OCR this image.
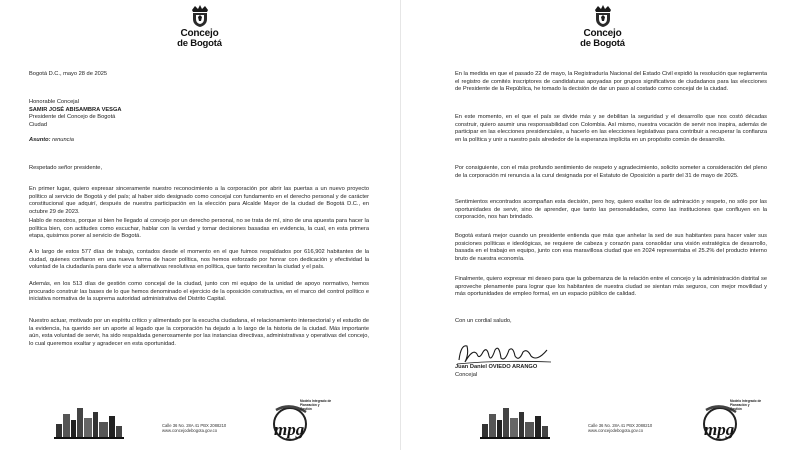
Concejo
de Bogotá
Bogotá D.C., mayo 28 de 2025

Honorable Concejal

SAMIR JOSÉ ABISAMBRA VESGA

Presidente del Concejo de Bogotá

Ciudad

Asunto: renuncia
Respetado señor presidente,

En primer lugar, quiero expresar sinceramente nuestro reconocimiento a la corporación por abrir las puertas a un nuevo proyecto político al servicio de Bogotá y del país; al haber sido designado como concejal con fundamento en el derecho personal y de carácter constitucional que adquirí, después de nuestra participación en la elección para Alcalde Mayor de la ciudad de Bogotá D.C., en octubre 29 de 2023.

Hablo de nosotros, porque si bien he llegado al concejo por un derecho personal, no se trata de mí, sino de una apuesta para hacer la política bien, con actitudes como escuchar, hablar con la verdad y tomar decisiones basadas en evidencia, la cual, en esta primera etapa, quisimos poner al servicio de Bogotá.

A lo largo de estos 577 días de trabajo, contados desde el momento en el que fuimos respaldados por 616,902 habitantes de la ciudad, quienes confiaron en una nueva forma de hacer política, nos hemos esforzado por honrar con dedicación y efectividad la voluntad de la ciudadanía para darle voz a alternativas resolutivas en política, que tanto necesitan la ciudad y el país.

Además, en los 513 días de gestión como concejal de la ciudad, junto con mi equipo de la unidad de apoyo normativo, hemos procurado construir las bases de lo que hemos denominado el ejercicio de la oposición constructiva, en el marco del control político e iniciativa normativa de la suprema autoridad administrativa del Distrito Capital.

Nuestro actuar, motivado por un espíritu crítico y alimentado por la escucha ciudadana, el relacionamiento intersectorial y el estudio de la evidencia, ha querido ser un aporte al legado que la corporación ha dejado a lo largo de la historia de la ciudad. Más importante aún, esta voluntad de servir, ha sido respaldada generosamente por las instancias directivas, administrativas y operativas del concejo, lo cual queremos exaltar y agradecer en esta oportunidad.

Calle 36 No. 28A 41 PBX 2088210
www.concejodebogota.gov.co
Modelo Integrado de Planeación y Gestión
mpg
Concejo
de Bogotá

En la medida en que el pasado 22 de mayo, la Registraduría Nacional del Estado Civil expidió la resolución que reglamenta el registro de comités inscriptores de candidaturas apoyadas por grupos significativos de ciudadanos para las elecciones de Presidente de la República, he tomado la decisión de dar un paso al costado como concejal de la ciudad.

En este momento, en el que el país se divide más y se debilitan la seguridad y el desarrollo que nos costó décadas construir, quiero asumir una responsabilidad con Colombia. Así mismo, nuestra vocación de servir nos inspira, además de participar en las elecciones presidenciales, a hacerlo en las elecciones legislativas para contribuir a recuperar la confianza en la política y unir a nuestro país alrededor de la esperanza implícita en un propósito común de desarrollo.

Por consiguiente, con el más profundo sentimiento de respeto y agradecimiento, solicito someter a consideración del pleno de la corporación mi renuncia a la curul designada por el Estatuto de Oposición a partir del 31 de mayo de 2025.

Sentimientos encontrados acompañan esta decisión, pero hoy, quiero exaltar los de admiración y respeto, no sólo por las oportunidades de servir, sino de aprender, que tanto las personalidades, como las instituciones que confluyen en la corporación, nos han brindado.

Bogotá estará mejor cuando un presidente entienda que más que anhelar la sed de sus habitantes para hacer valer sus posiciones políticas e ideológicas, se requiere de cabeza y corazón para consolidar una visión estratégica de desarrollo, basada en el trabajo en equipo, junto con esa maravillosa ciudad que en 2024 representaba el 25.2% del producto interno bruto de nuestra economía.

Finalmente, quiero expresar mi deseo para que la gobernanza de la relación entre el concejo y la administración distrital se aproveche plenamente para lograr que los habitantes de nuestra ciudad se sientan más seguros, con mejor movilidad y más oportunidades de empleo formal, en un espacio público de calidad.

Con un cordial saludo,
Juan Daniel OVIEDO ARANGO
Concejal
Calle 36 No. 28A 41 PBX 2088210
www.concejodebogota.gov.co
Modelo Integrado de Planeación y Gestión
mpg
